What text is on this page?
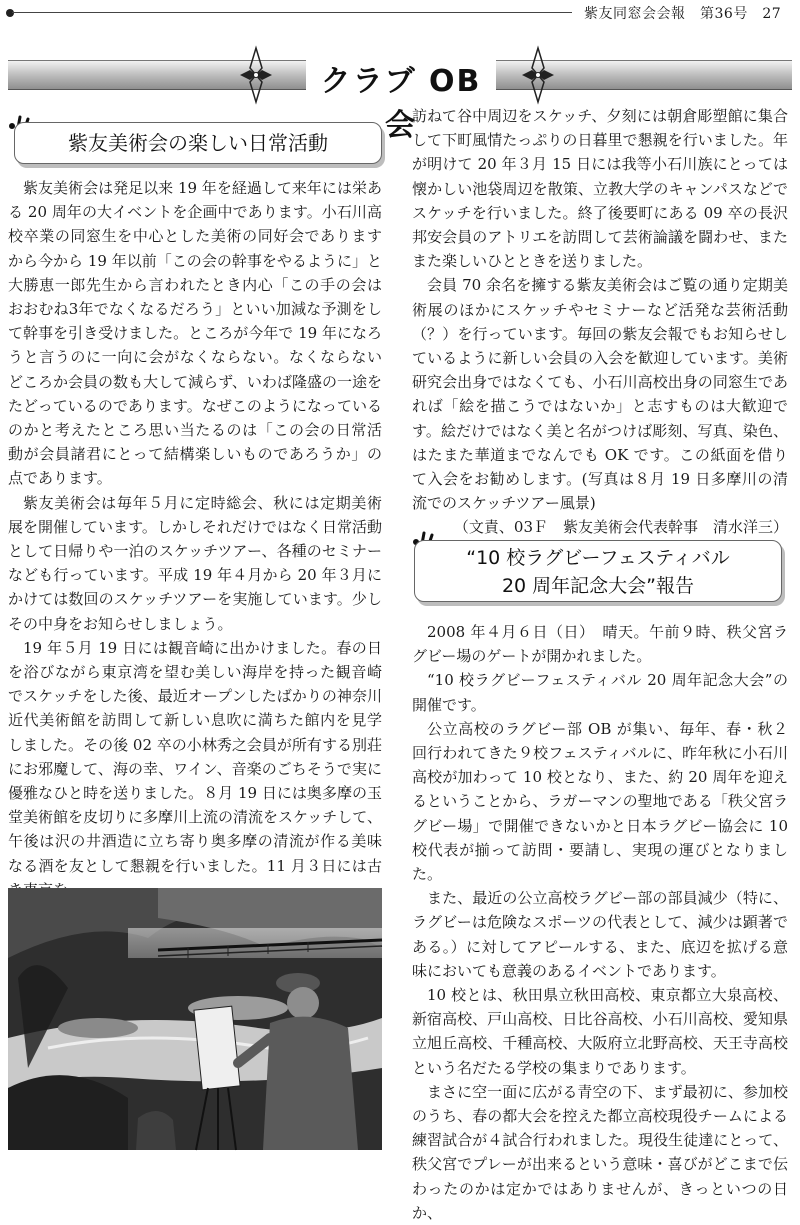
紫友同窓会会報　第36号　27
クラブ OB 会
紫友美術会の楽しい日常活動

紫友美術会は発足以来 19 年を経過して来年には栄ある 20 周年の大イベントを企画中であります。小石川高校卒業の同窓生を中心とした美術の同好会でありますから今から 19 年以前「この会の幹事をやるように」と大勝恵一郎先生から言われたとき内心「この手の会はおおむね3年でなくなるだろう」といい加減な予測をして幹事を引き受けました。ところが今年で 19 年になろうと言うのに一向に会がなくならない。なくならないどころか会員の数も大して減らず、いわば隆盛の一途をたどっているのであります。なぜこのようになっているのかと考えたところ思い当たるのは「この会の日常活動が会員諸君にとって結構楽しいものであろうか」の点であります。

紫友美術会は毎年５月に定時総会、秋には定期美術展を開催しています。しかしそれだけではなく日常活動として日帰りや一泊のスケッチツアー、各種のセミナーなども行っています。平成 19 年４月から 20 年３月にかけては数回のスケッチツアーを実施しています。少しその中身をお知らせしましょう。

19 年５月 19 日には観音崎に出かけました。春の日を浴びながら東京湾を望む美しい海岸を持った観音崎でスケッチをした後、最近オープンしたばかりの神奈川近代美術館を訪問して新しい息吹に満ちた館内を見学しました。その後 02 卒の小林秀之会員が所有する別荘にお邪魔して、海の幸、ワイン、音楽のごちそうで実に優雅なひと時を送りました。８月 19 日には奥多摩の玉堂美術館を皮切りに多摩川上流の清流をスケッチして、午後は沢の井酒造に立ち寄り奥多摩の清流が作る美味なる酒を友として懇親を行いました。11 月３日には古

訪ねて谷中周辺をスケッチ、夕刻には朝倉彫塑館に集合して下町風情たっぷりの日暮里で懇親を行いました。年が明けて 20 年３月 15 日には我等小石川族にとっては懐かしい池袋周辺を散策、立教大学のキャンパスなどでスケッチを行いました。終了後要町にある 09 卒の長沢邦安会員のアトリエを訪問して芸術論議を闘わせ、またまた楽しいひとときを送りました。

会員 70 余名を擁する紫友美術会はご覧の通り定期美術展のほかにスケッチやセミナーなど活発な芸術活動（？）を行っています。毎回の紫友会報でもお知らせしているように新しい会員の入会を歓迎しています。美術研究会出身ではなくても、小石川高校出身の同窓生であれば「絵を描こうではないか」と志すものは大歓迎です。絵だけではなく美と名がつけば彫刻、写真、染色、はたまた華道までなんでも OK です。この紙面を借りて入会をお勧めします。(写真は８月 19 日多摩川の清流でのスケッチツアー風景)

（文責、03Ｆ　紫友美術会代表幹事　清水洋三）

“10 校ラグビーフェスティバル
20 周年記念大会”報告

2008 年４月６日（日）　晴天。午前９時、秩父宮ラグビー場のゲートが開かれました。

“10 校ラグビーフェスティバル 20 周年記念大会”の開催です。

公立高校のラグビー部 OB が集い、毎年、春・秋２回行われてきた９校フェスティバルに、昨年秋に小石川高校が加わって 10 校となり、また、約 20 周年を迎えるということから、ラガーマンの聖地である「秩父宮ラグビー場」で開催できないかと日本ラグビー協会に 10 校代表が揃って訪問・要請し、実現の運びとなりました。

また、最近の公立高校ラグビー部の部員減少（特に、ラグビーは危険なスポーツの代表として、減少は顕著である。）に対してアピールする、また、底辺を拡げる意味においても意義のあるイベントであります。

10 校とは、秋田県立秋田高校、東京都立大泉高校、新宿高校、戸山高校、日比谷高校、小石川高校、愛知県立旭丘高校、千種高校、大阪府立北野高校、天王寺高校という名だたる学校の集まりであります。

まさに空一面に広がる青空の下、まず最初に、参加校のうち、春の都大会を控えた都立高校現役チームによる練習試合が４試合行われました。現役生徒達にとって、秩父宮でプレーが出来るという意味・喜びがどこまで伝わったのかは定かではありませんが、きっといつの日か、
